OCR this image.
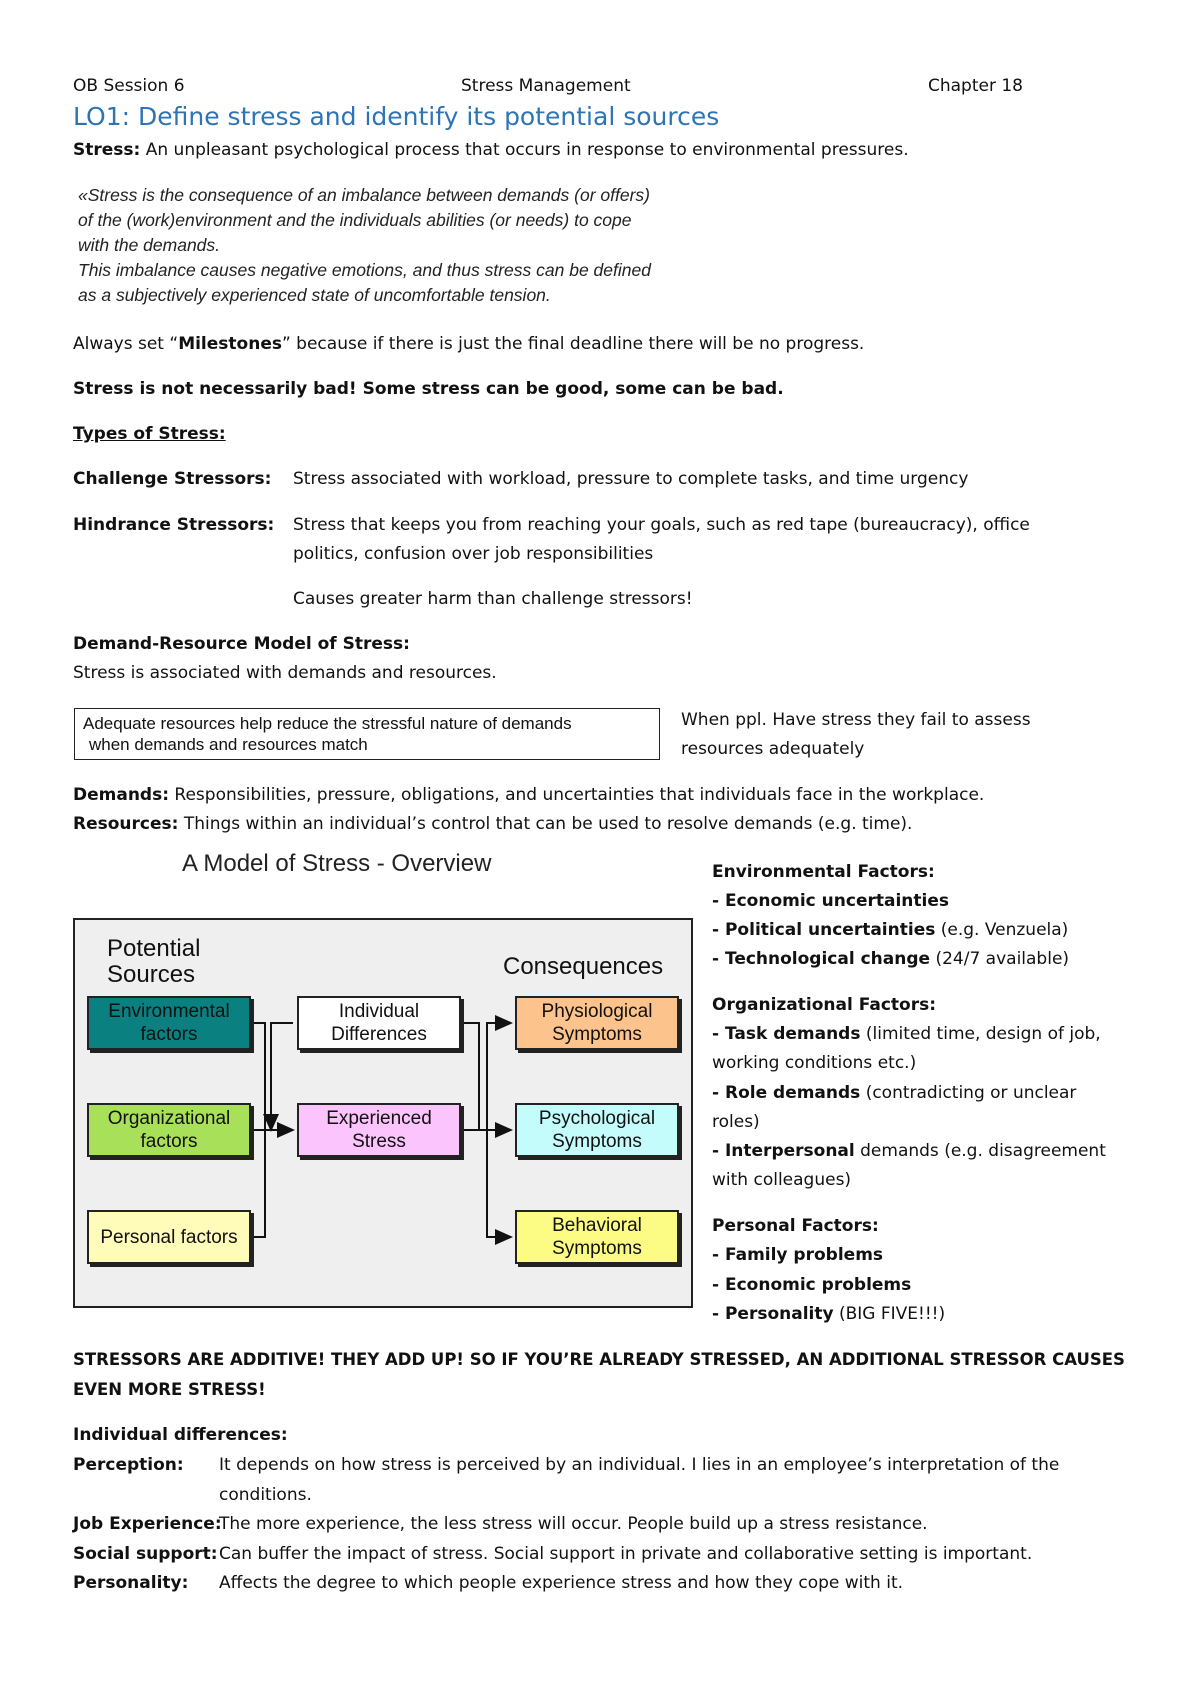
OB Session 6	Stress Management	Chapter 18
LO1: Define stress and identify its potential sources
Stress: An unpleasant psychological process that occurs in response to environmental pressures.
«Stress is the consequence of an imbalance between demands (or offers)
of the (work)environment and the individuals abilities (or needs) to cope
with the demands.
This imbalance causes negative emotions, and thus stress can be defined
as a subjectively experienced state of uncomfortable tension.
Always set “Milestones” because if there is just the final deadline there will be no progress.
Stress is not necessarily bad! Some stress can be good, some can be bad.
Types of Stress:
Challenge Stressors: Stress associated with workload, pressure to complete tasks, and time urgency
Hindrance Stressors: Stress that keeps you from reaching your goals, such as red tape (bureaucracy), office
politics, confusion over job responsibilities
Causes greater harm than challenge stressors!
Demand-Resource Model of Stress:
Stress is associated with demands and resources.
Adequate resources help reduce the stressful nature of demands
when demands and resources match
When ppl. Have stress they fail to assess
resources adequately
Demands: Responsibilities, pressure, obligations, and uncertainties that individuals face in the workplace.
Resources: Things within an individual’s control that can be used to resolve demands (e.g. time).
A Model of Stress - Overview
Potential
Sources	Consequences
Environmental factors
Organizational factors
Personal factors
Individual Differences
Experienced Stress
Physiological Symptoms
Psychological Symptoms
Behavioral Symptoms
Environmental Factors:
- Economic uncertainties
- Political uncertainties (e.g. Venzuela)
- Technological change (24/7 available)
Organizational Factors:
- Task demands (limited time, design of job,
working conditions etc.)
- Role demands (contradicting or unclear
roles)
- Interpersonal demands (e.g. disagreement
with colleagues)
Personal Factors:
- Family problems
- Economic problems
- Personality (BIG FIVE!!!)
STRESSORS ARE ADDITIVE! THEY ADD UP! SO IF YOU’RE ALREADY STRESSED, AN ADDITIONAL STRESSOR CAUSES
EVEN MORE STRESS!
Individual differences:
Perception: It depends on how stress is perceived by an individual. I lies in an employee’s interpretation of the
conditions.
Job Experience:
The more experience, the less stress will occur. People build up a stress resistance.
Social support: Can buffer the impact of stress. Social support in private and collaborative setting is important.
Personality: Affects the degree to which people experience stress and how they cope with it.
